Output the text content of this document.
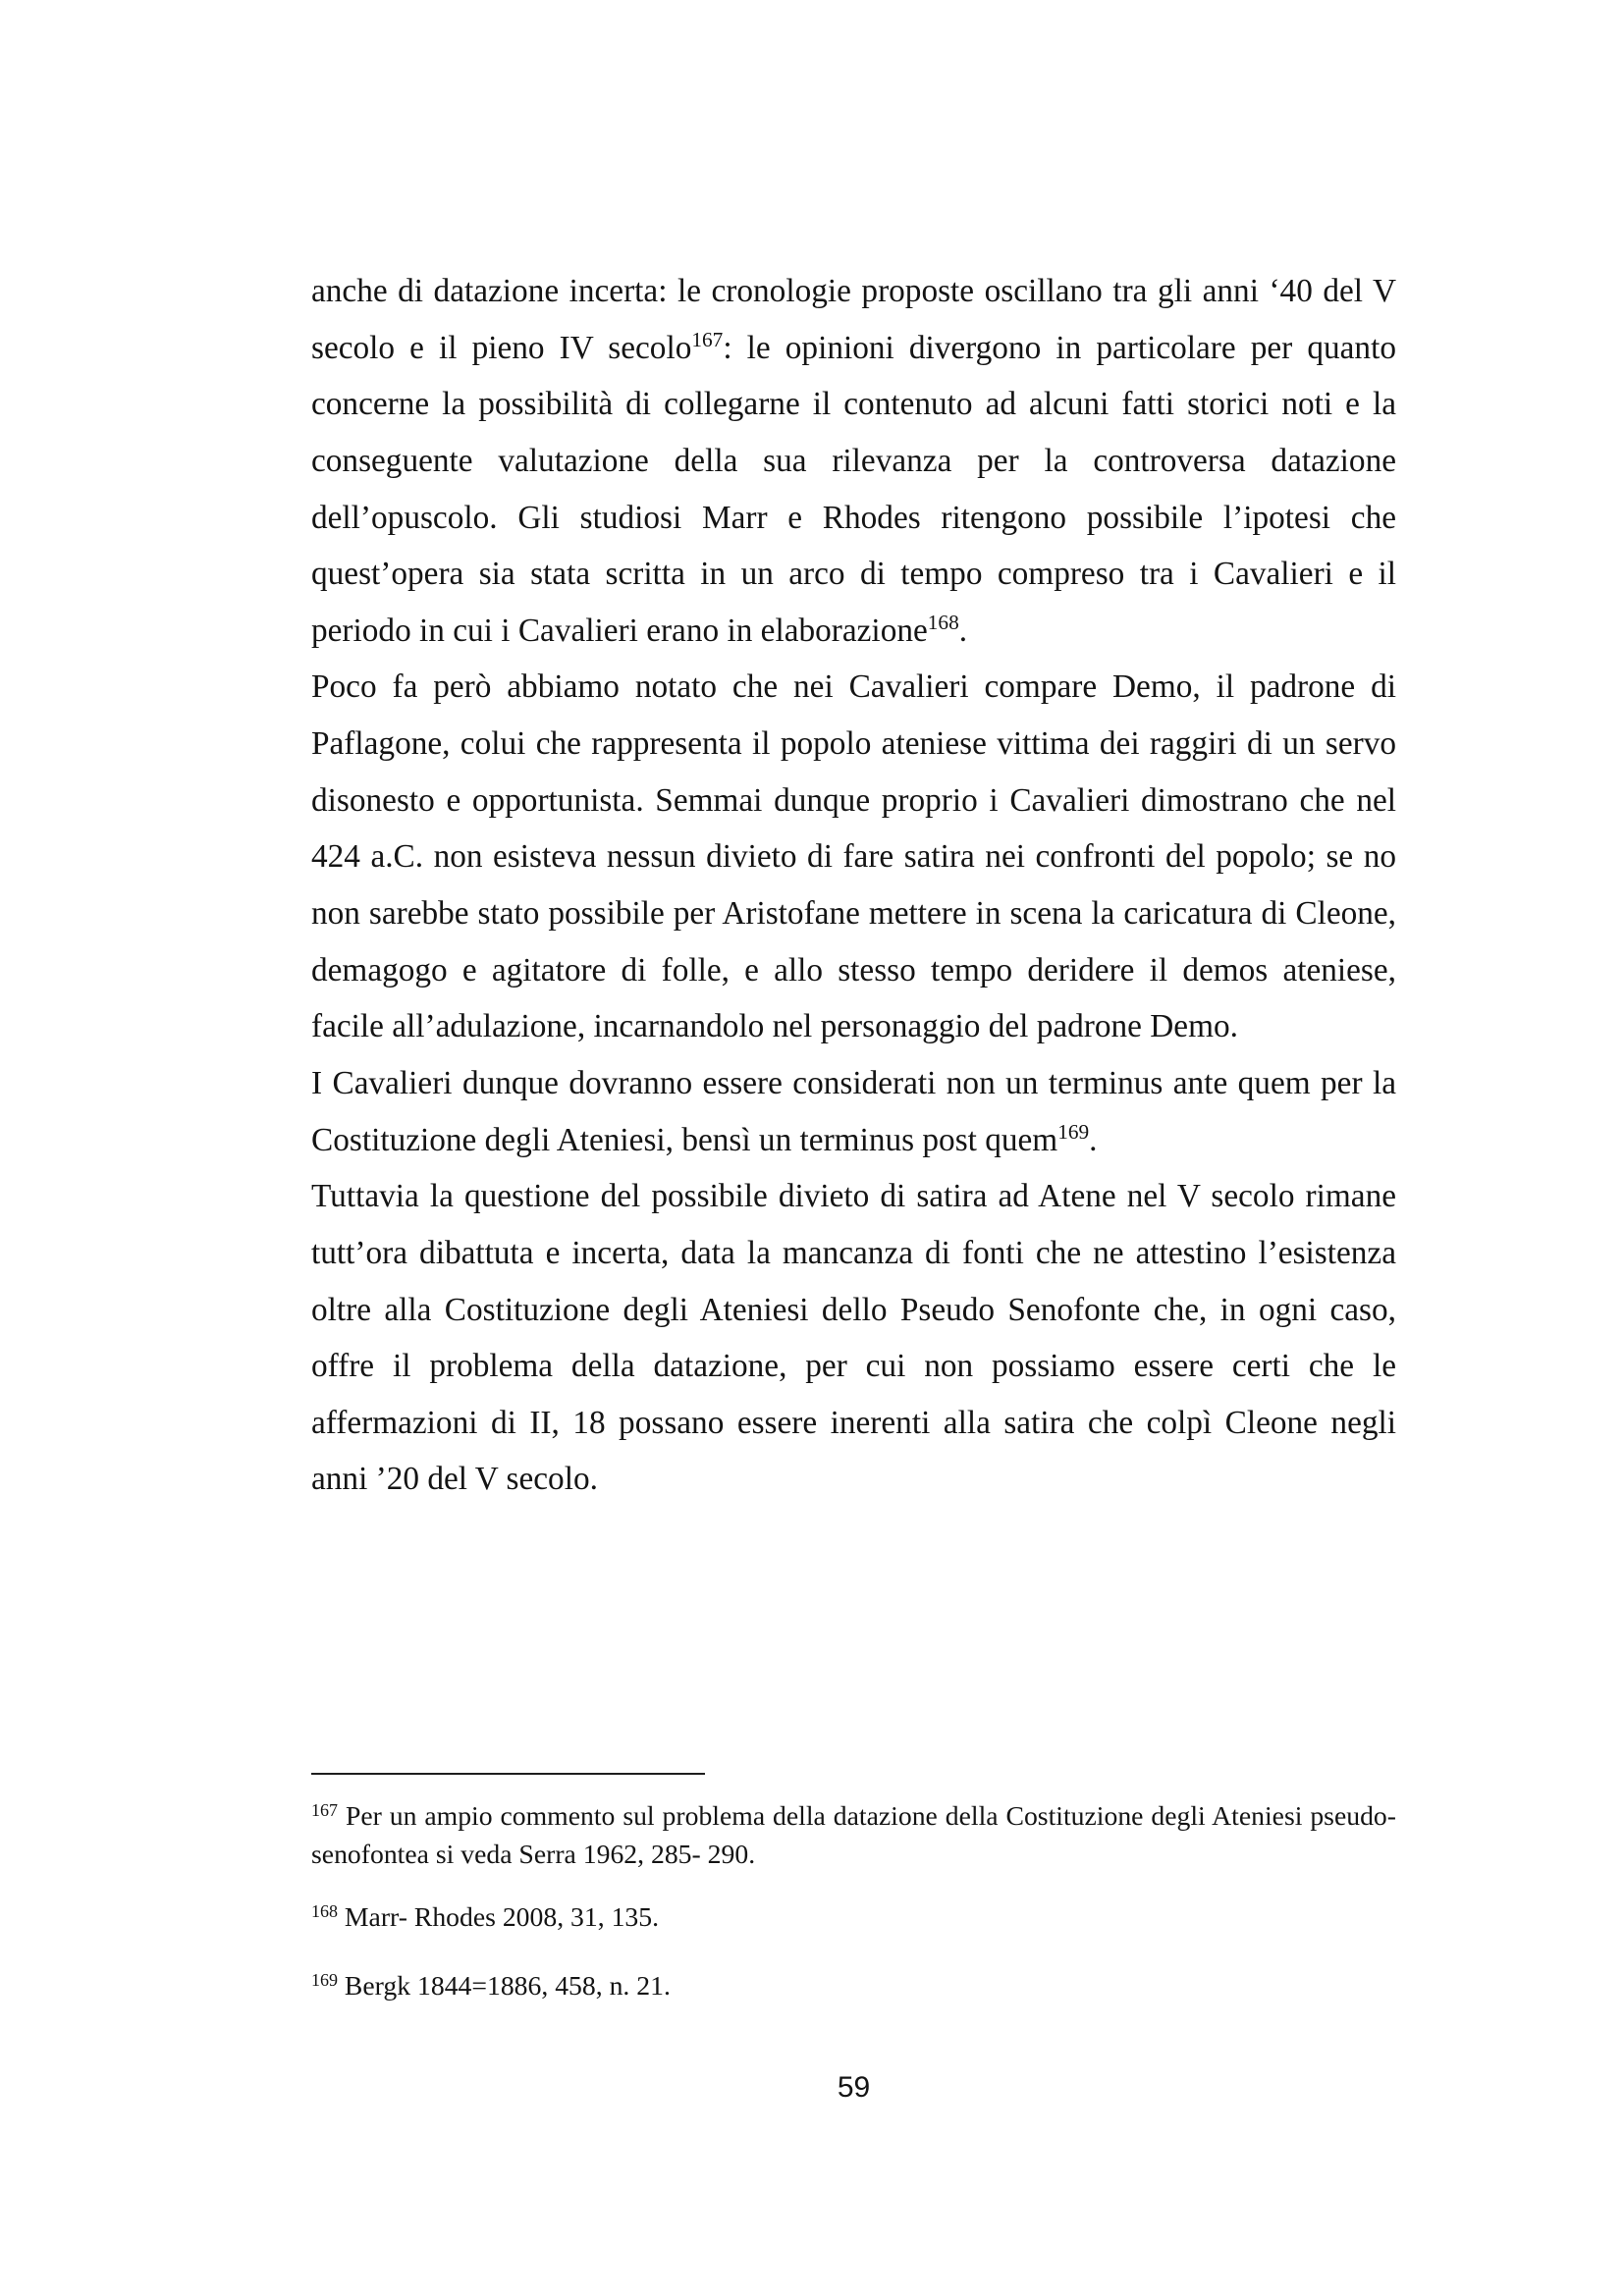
anche di datazione incerta: le cronologie proposte oscillano tra gli anni ‘40 del V
secolo e il pieno IV secolo$^{167}$: le opinioni divergono in particolare per quanto
concerne la possibilità di collegarne il contenuto ad alcuni fatti storici noti e la
conseguente valutazione della sua rilevanza per la controversa datazione
dell’opuscolo. Gli studiosi Marr e Rhodes ritengono possibile l’ipotesi che
quest’opera sia stata scritta in un arco di tempo compreso tra i Cavalieri e il
periodo in cui i Cavalieri erano in elaborazione$^{168}$.
Poco fa però abbiamo notato che nei Cavalieri compare Demo, il padrone di
Paflagone, colui che rappresenta il popolo ateniese vittima dei raggiri di un servo
disonesto e opportunista. Semmai dunque proprio i Cavalieri dimostrano che nel
424 a.C. non esisteva nessun divieto di fare satira nei confronti del popolo; se no
non sarebbe stato possibile per Aristofane mettere in scena la caricatura di Cleone,
demagogo e agitatore di folle, e allo stesso tempo deridere il demos ateniese,
facile all’adulazione, incarnandolo nel personaggio del padrone Demo.
I Cavalieri dunque dovranno essere considerati non un terminus ante quem per la
Costituzione degli Ateniesi, bensì un terminus post quem$^{169}$.
Tuttavia la questione del possibile divieto di satira ad Atene nel V secolo rimane
tutt’ora dibattuta e incerta, data la mancanza di fonti che ne attestino l’esistenza
oltre alla Costituzione degli Ateniesi dello Pseudo Senofonte che, in ogni caso,
offre il problema della datazione, per cui non possiamo essere certi che le
affermazioni di II, 18 possano essere inerenti alla satira che colpì Cleone negli
anni ’20 del V secolo.
$^{167}$ Per un ampio commento sul problema della datazione della Costituzione degli Ateniesi pseudo-
senofontea si veda Serra 1962, 285- 290.
$^{168}$ Marr- Rhodes 2008, 31, 135.
$^{169}$ Bergk 1844=1886, 458, n. 21.
59
